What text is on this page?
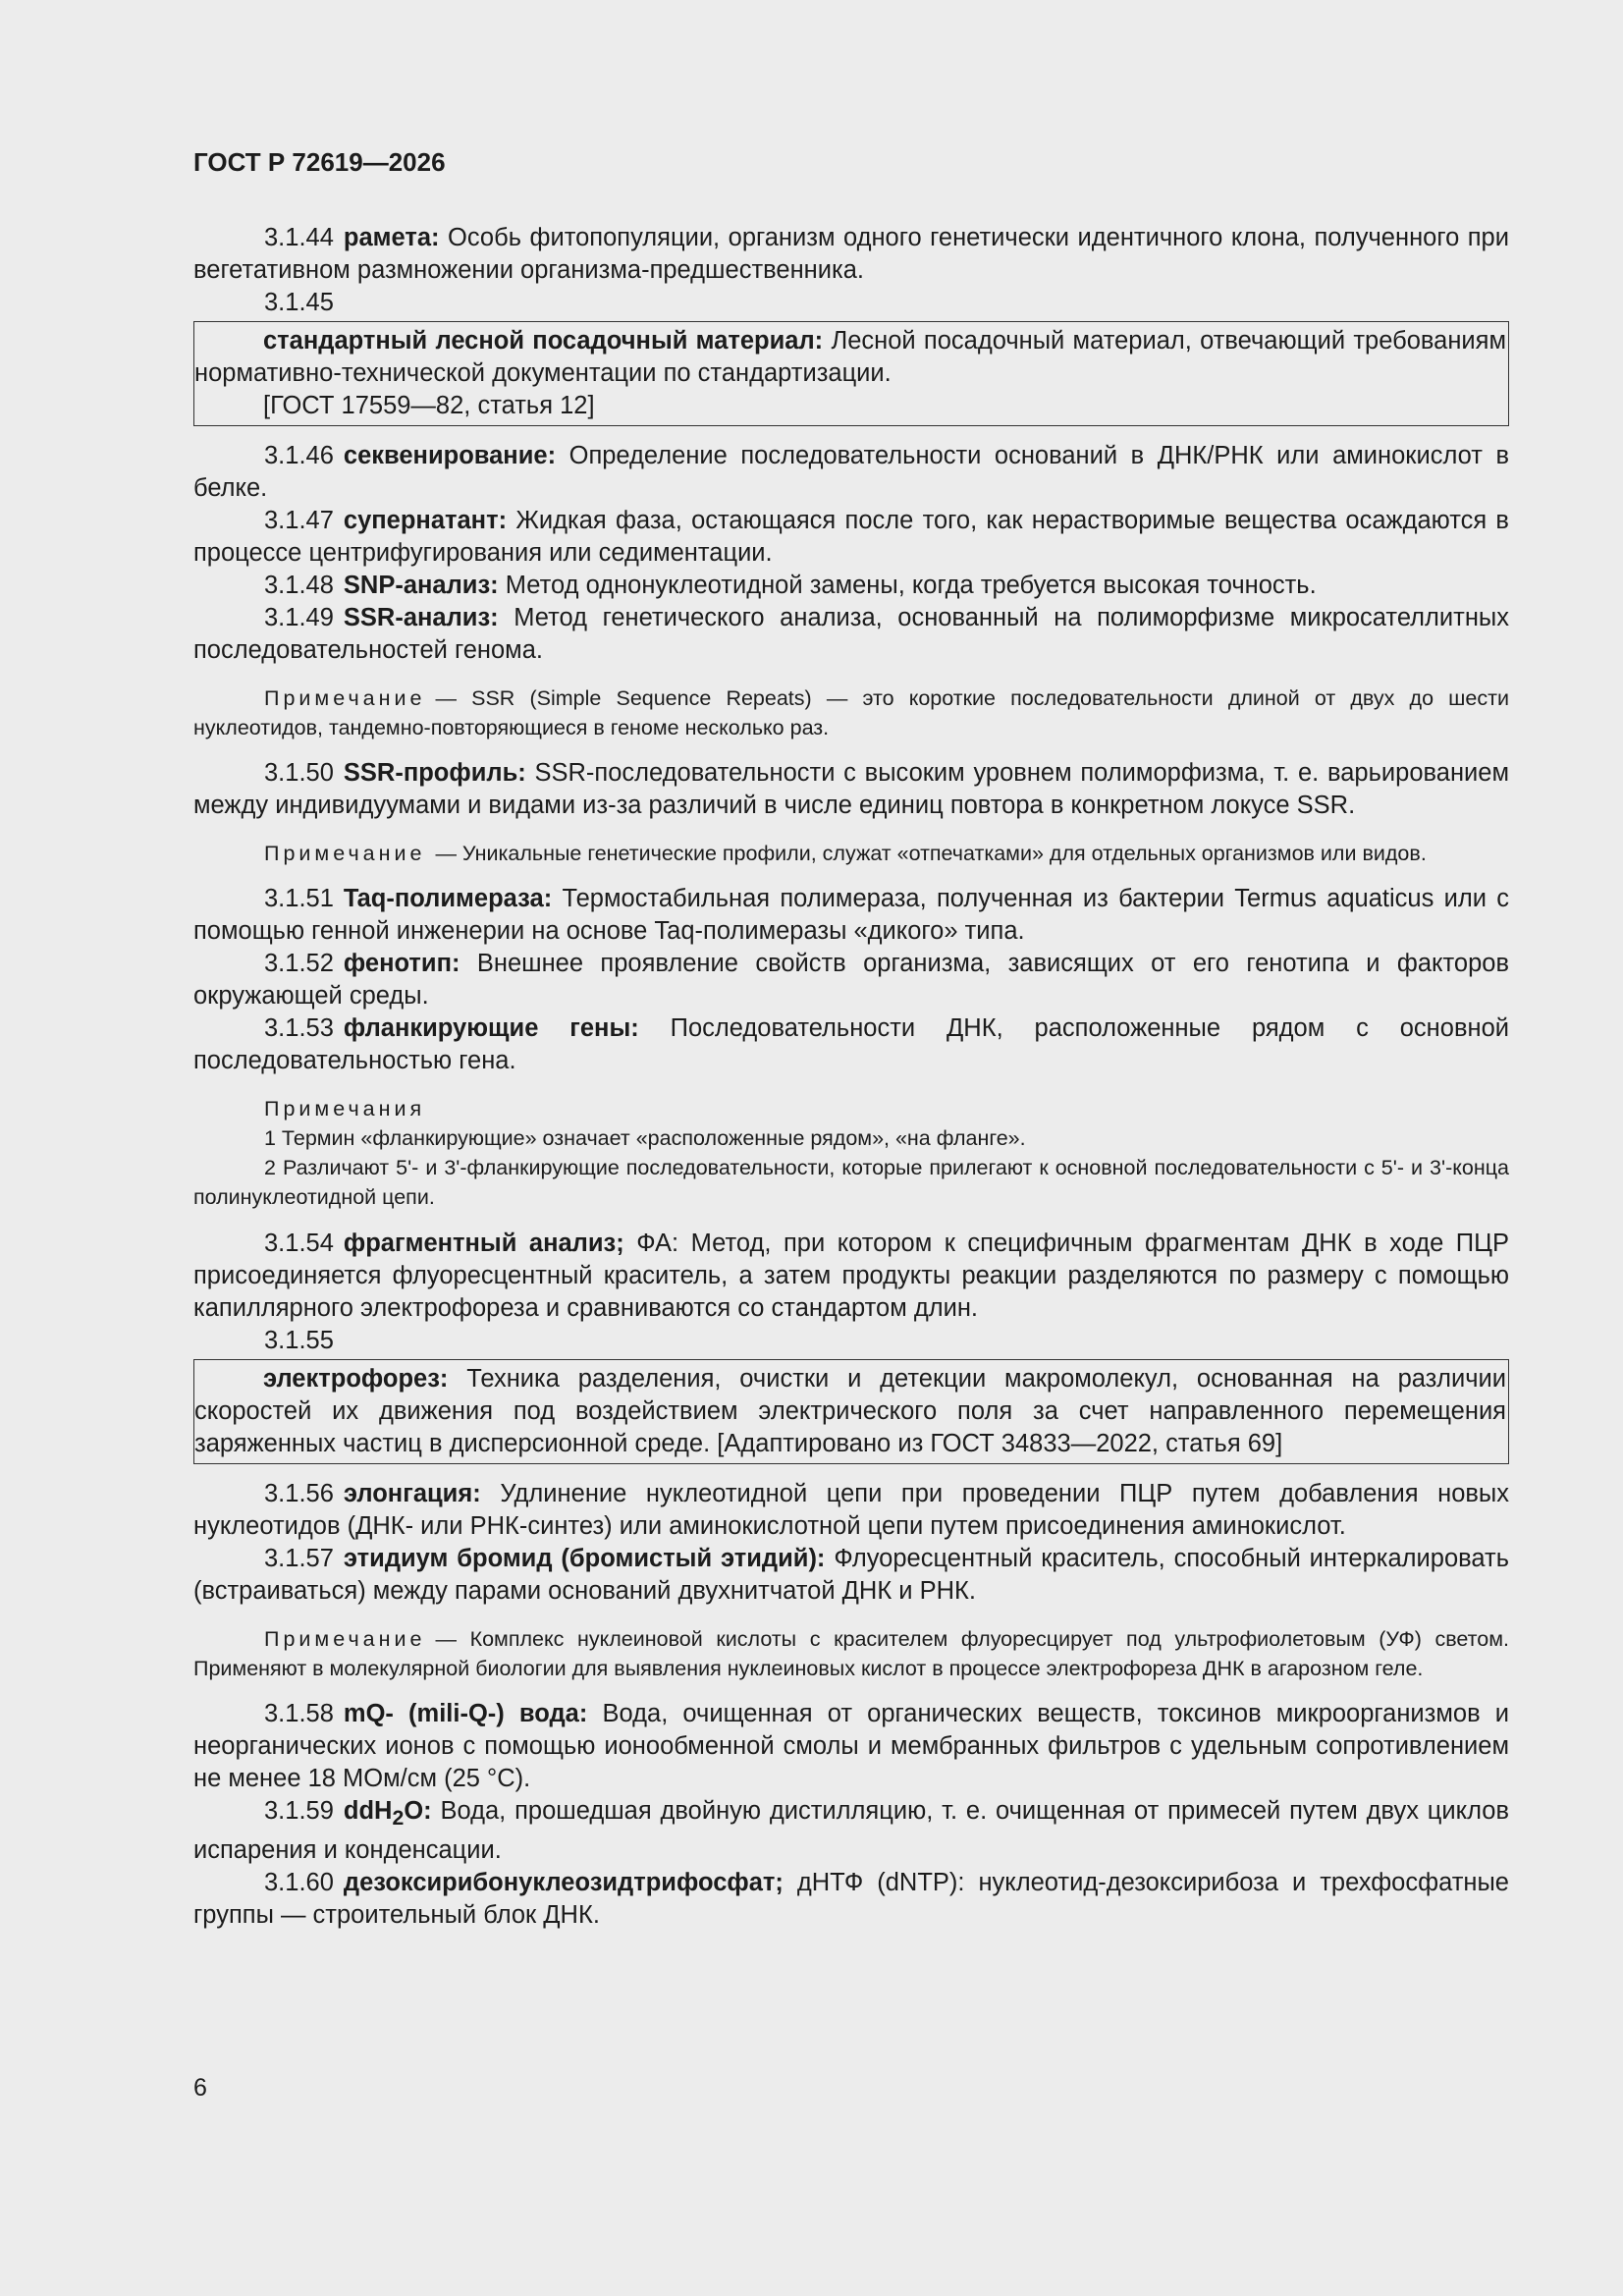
ГОСТ Р 72619—2026

3.1.44 рамета: Особь фитопопуляции, организм одного генетически идентичного клона, полученного при вегетативном размножении организма-предшественника.

3.1.45

стандартный лесной посадочный материал: Лесной посадочный материал, отвечающий требованиям нормативно-технической документации по стандартизации.

[ГОСТ 17559—82, статья 12]

3.1.46 секвенирование: Определение последовательности оснований в ДНК/РНК или аминокислот в белке.

3.1.47 супернатант: Жидкая фаза, остающаяся после того, как нерастворимые вещества осаждаются в процессе центрифугирования или седиментации.

3.1.48 SNP-анализ: Метод однонуклеотидной замены, когда требуется высокая точность.

3.1.49 SSR-анализ: Метод генетического анализа, основанный на полиморфизме микросателлитных последовательностей генома.

Примечание — SSR (Simple Sequence Repeats) — это короткие последовательности длиной от двух до шести нуклеотидов, тандемно-повторяющиеся в геноме несколько раз.

3.1.50 SSR-профиль: SSR-последовательности с высоким уровнем полиморфизма, т. е. варьированием между индивидуумами и видами из-за различий в числе единиц повтора в конкретном локусе SSR.

Примечание — Уникальные генетические профили, служат «отпечатками» для отдельных организмов или видов.

3.1.51 Taq-полимераза: Термостабильная полимераза, полученная из бактерии Termus aquaticus или с помощью генной инженерии на основе Taq-полимеразы «дикого» типа.

3.1.52 фенотип: Внешнее проявление свойств организма, зависящих от его генотипа и факторов окружающей среды.

3.1.53 фланкирующие гены: Последовательности ДНК, расположенные рядом с основной последовательностью гена.

Примечания

1 Термин «фланкирующие» означает «расположенные рядом», «на фланге».

2 Различают 5'- и 3'-фланкирующие последовательности, которые прилегают к основной последовательности с 5'- и 3'-конца полинуклеотидной цепи.

3.1.54 фрагментный анализ; ФА: Метод, при котором к специфичным фрагментам ДНК в ходе ПЦР присоединяется флуоресцентный краситель, а затем продукты реакции разделяются по размеру с помощью капиллярного электрофореза и сравниваются со стандартом длин.

3.1.55

электрофорез: Техника разделения, очистки и детекции макромолекул, основанная на различии скоростей их движения под воздействием электрического поля за счет направленного перемещения заряженных частиц в дисперсионной среде. [Адаптировано из ГОСТ 34833—2022, статья 69]

3.1.56 элонгация: Удлинение нуклеотидной цепи при проведении ПЦР путем добавления новых нуклеотидов (ДНК- или РНК-синтез) или аминокислотной цепи путем присоединения аминокислот.

3.1.57 этидиум бромид (бромистый этидий): Флуоресцентный краситель, способный интеркалировать (встраиваться) между парами оснований двухнитчатой ДНК и РНК.

Примечание — Комплекс нуклеиновой кислоты с красителем флуоресцирует под ультрофиолетовым (УФ) светом. Применяют в молекулярной биологии для выявления нуклеиновых кислот в процессе электрофореза ДНК в агарозном геле.

3.1.58 mQ- (mili-Q-) вода: Вода, очищенная от органических веществ, токсинов микроорганизмов и неорганических ионов с помощью ионообменной смолы и мембранных фильтров с удельным сопротивлением не менее 18 МОм/см (25 °С).

3.1.59 ddH$_2$O: Вода, прошедшая двойную дистилляцию, т. е. очищенная от примесей путем двух циклов испарения и конденсации.

3.1.60 дезоксирибонуклеозидтрифосфат; дНТФ (dNTP): нуклеотид-дезоксирибоза и трехфосфатные группы — строительный блок ДНК.

6
